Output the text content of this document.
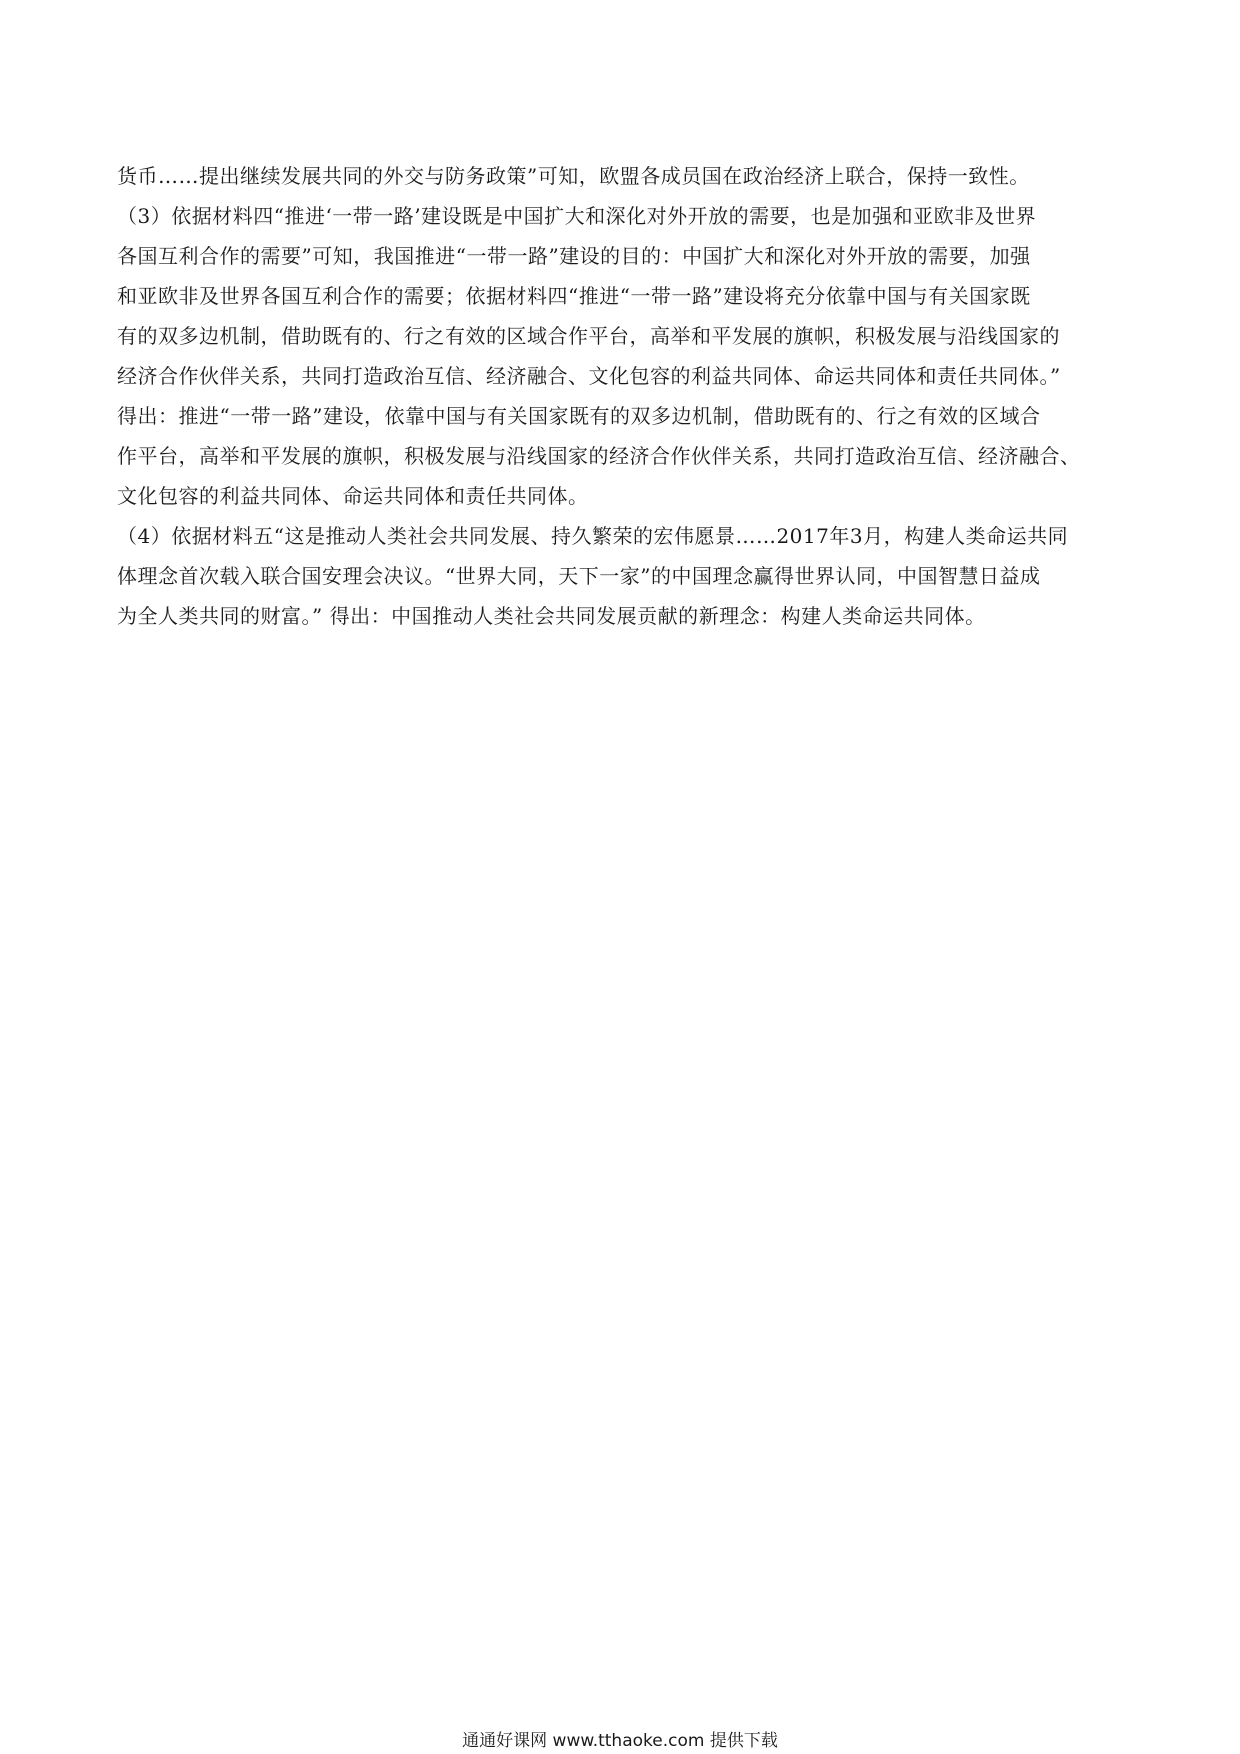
货币……提出继续发展共同的外交与防务政策”可知，欧盟各成员国在政治经济上联合，保持一致性。
（3）依据材料四“推进‘一带一路’建设既是中国扩大和深化对外开放的需要，也是加强和亚欧非及世界
各国互利合作的需要”可知，我国推进“一带一路”建设的目的：中国扩大和深化对外开放的需要，加强
和亚欧非及世界各国互利合作的需要；依据材料四“推进“一带一路”建设将充分依靠中国与有关国家既
有的双多边机制，借助既有的、行之有效的区域合作平台，高举和平发展的旗帜，积极发展与沿线国家的
经济合作伙伴关系，共同打造政治互信、经济融合、文化包容的利益共同体、命运共同体和责任共同体。”
得出：推进“一带一路”建设，依靠中国与有关国家既有的双多边机制，借助既有的、行之有效的区域合
作平台，高举和平发展的旗帜，积极发展与沿线国家的经济合作伙伴关系，共同打造政治互信、经济融合、
文化包容的利益共同体、命运共同体和责任共同体。
（4）依据材料五“这是推动人类社会共同发展、持久繁荣的宏伟愿景……2017年3月，构建人类命运共同
体理念首次载入联合国安理会决议。“世界大同，天下一家”的中国理念赢得世界认同，中国智慧日益成
为全人类共同的财富。” 得出：中国推动人类社会共同发展贡献的新理念：构建人类命运共同体。
通通好课网 www.tthaoke.com 提供下载
